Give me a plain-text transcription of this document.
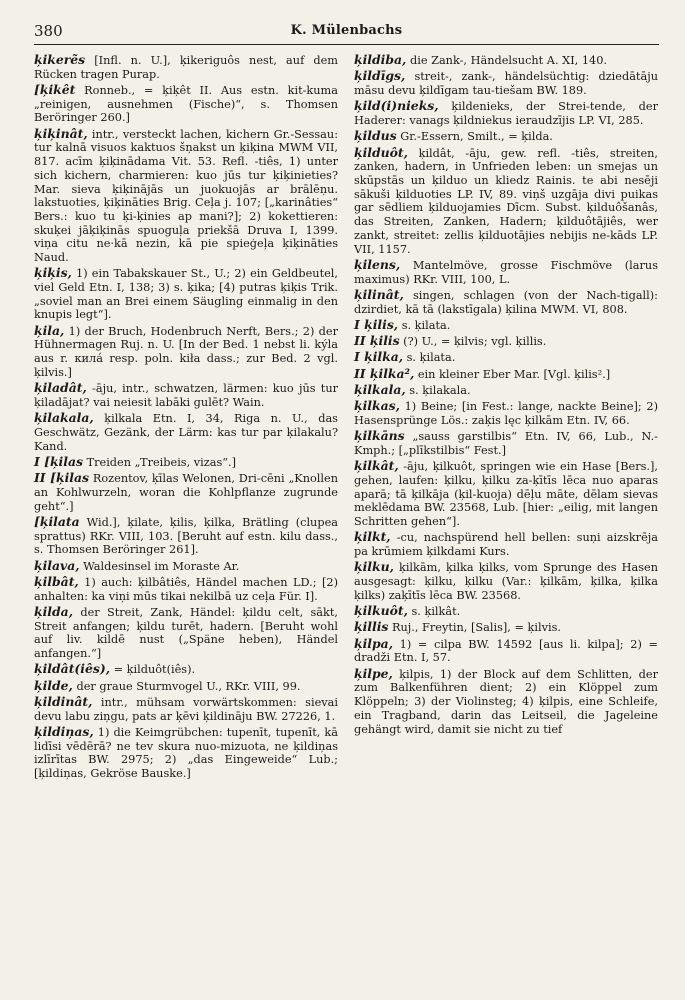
380	K. Mülenbachs

ķikerẽs [Infl. n. U.], ķikeriguôs nest, auf dem Rücken tragen Purap.

[ķikêt Ronneb., = ķiķêt II. Aus estn. kit-kuma „reinigen, ausnehmen (Fische)“, s. Thomsen Beröringer 260.]

ķiķinât, intr., versteckt lachen, kichern Gr.-Sessau: tur kalnā visuos kaktuos šņakst un ķiķina MWM VII, 817. acīm ķiķinādama Vit. 53. Refl. -tiês, 1) unter sich kichern, charmieren: kuo jūs tur ķiķinieties? Mar. sieva ķiķinājās un juokuojās ar brālēņu. lakstuoties, ķiķināties Brig. Ceļa j. 107; [„karinâties“ Bers.: kuo tu ķi-ķinies ap mani?]; 2) kokettieren: skuķei jāķiķinās spuoguļa priekšā Druva I, 1399. viņa citu ne·kā nezin, kā pie spieģeļa ķiķināties Naud.

ķiķis, 1) ein Tabakskauer St., U.; 2) ein Geldbeutel, viel Geld Etn. I, 138; 3) s. ķika; [4) putras ķiķis Trik. „soviel man an Brei einem Säugling einmalig in den knupis legt“].

ķila, 1) der Bruch, Hodenbruch Nerft, Bers.; 2) der Hühnermagen Ruj. n. U. [In der Bed. 1 nebst li. kýla aus r. килá resp. poln. kiła dass.; zur Bed. 2 vgl. ķilvis.]

ķiladât, -āju, intr., schwatzen, lärmen: kuo jūs tur ķiladājat? vai neiesit labāki gulēt? Wain.

ķilakala, ķilkala Etn. I, 34, Riga n. U., das Geschwätz, Gezänk, der Lärm: kas tur par ķilakalu? Kand.

I [ķilas Treiden „Treibeis, vizas“.]

II [ķilas Rozentov, ķīlas Welonen, Dri-cēni „Knollen an Kohlwurzeln, woran die Kohlpflanze zugrunde geht“.]

[ķilata Wid.], ķilate, ķilis, ķilka, Brätling (clupea sprattus) RKr. VIII, 103. [Beruht auf estn. kilu dass., s. Thomsen Beröringer 261].

ķilava, Waldesinsel im Moraste Ar.

ķilbât, 1) auch: ķilbâtiês, Händel machen LD.; [2) anhalten: ka viņi mūs tikai nekilbā uz ceļa Für. I].

ķildа, der Streit, Zank, Händel: ķildu celt, sākt, Streit anfangen; ķildu turēt, hadern. [Beruht wohl auf liv. kildē nust („Späne heben), Händel anfangen.“]

ķildât(iês), = ķilduôt(iês).

ķilde, der graue Sturmvogel U., RKr. VIII, 99.

ķildinât, intr., mühsam vorwärtskommen: sievai devu labu ziņgu, pats ar ķēvi ķildināju BW. 27226, 1.

ķildiņas, 1) die Keimgrübchen: tupenīt, tupenīt, kā lidīsi vēdērā? ne tev skura nuo-mizuota, ne ķildiņas izlīrītas BW. 2975; 2) „das Eingeweide“ Lub.; [ķildiņas, Gekröse Bauske.]

ķildiba, die Zank-, Händelsucht A. XI, 140.

ķildīgs, streit-, zank-, händelsüchtig: dziedātāju māsu devu ķildīgam tau-tiešam BW. 189.

ķild(i)nieks, ķildenieks, der Strei-tende, der Haderer: vanags ķildniekus ieraudzījis LP. VI, 285.

ķildus Gr.-Essern, Smilt., = ķilda.

ķilduôt, ķildât, -āju, gew. refl. -tiês, streiten, zanken, hadern, in Unfrieden leben: un smejas un skūpstās un ķilduo un kliedz Rainis. te abi nesēji sākuši ķilduoties LP. IV, 89. viņš uzgāja divi puikas gar sēdliem ķilduojamies Dīcm. Subst. ķilduôšanâs, das Streiten, Zanken, Hadern; ķilduôtājiês, wer zankt, streitet: zellis ķilduotājies nebijis ne-kāds LP. VII, 1157.

ķilens, Mantelmöve, grosse Fischmöve (larus maximus) RKr. VIII, 100, L.

ķilinât, singen, schlagen (von der Nach-tigall): dzirdiet, kā tā (lakstīgala) ķilina MWM. VI, 808.

I ķilis, s. ķilata.

II ķilis (?) U., = ķilvis; vgl. ķillis.

I ķilka, s. ķilata.

II ķilka², ein kleiner Eber Mar. [Vgl. ķilis².]

ķilkala, s. ķilakala.

ķilkas, 1) Beine; [in Fest.: lange, nackte Beine]; 2) Hasensprünge Lös.: zaķis lęc ķilkām Etn. IV, 66.

ķilkāns „sauss garstilbis“ Etn. IV, 66, Lub., N.-Kmph.; [„plīkstilbis“ Fest.]

ķilkât, -āju, ķilkuôt, springen wie ein Hase [Bers.], gehen, laufen: ķilku, ķilku za-ķītīs lēca nuo aparas aparā; tā ķilkāja (ķil-kuoja) dēļu māte, dēlam sievas meklēdama BW. 23568, Lub. [hier: „eilig, mit langen Schritten gehen“].

ķilkt, -cu, nachspürend hell bellen: suņi aizskrēja pa krūmiem ķilkdami Kurs.

ķilku, ķilkām, ķilka ķilks, vom Sprunge des Hasen ausgesagt: ķilku, ķilku (Var.: ķilkām, ķilka, ķilka ķilks) zaķītīs lēca BW. 23568.

ķilkuôt, s. ķilkât.

ķillis Ruj., Freytin, [Salis], = ķilvis.

ķilpa, 1) = cilpa BW. 14592 [aus li. kilpa]; 2) = dradži Etn. I, 57.

ķilpe, ķilpis, 1) der Block auf dem Schlitten, der zum Balkenführen dient; 2) ein Klöppel zum Klöppeln; 3) der Violinsteg; 4) ķilpis, eine Schleife, ein Tragband, darin das Leitseil, die Jageleine gehängt wird, damit sie nicht zu tief
